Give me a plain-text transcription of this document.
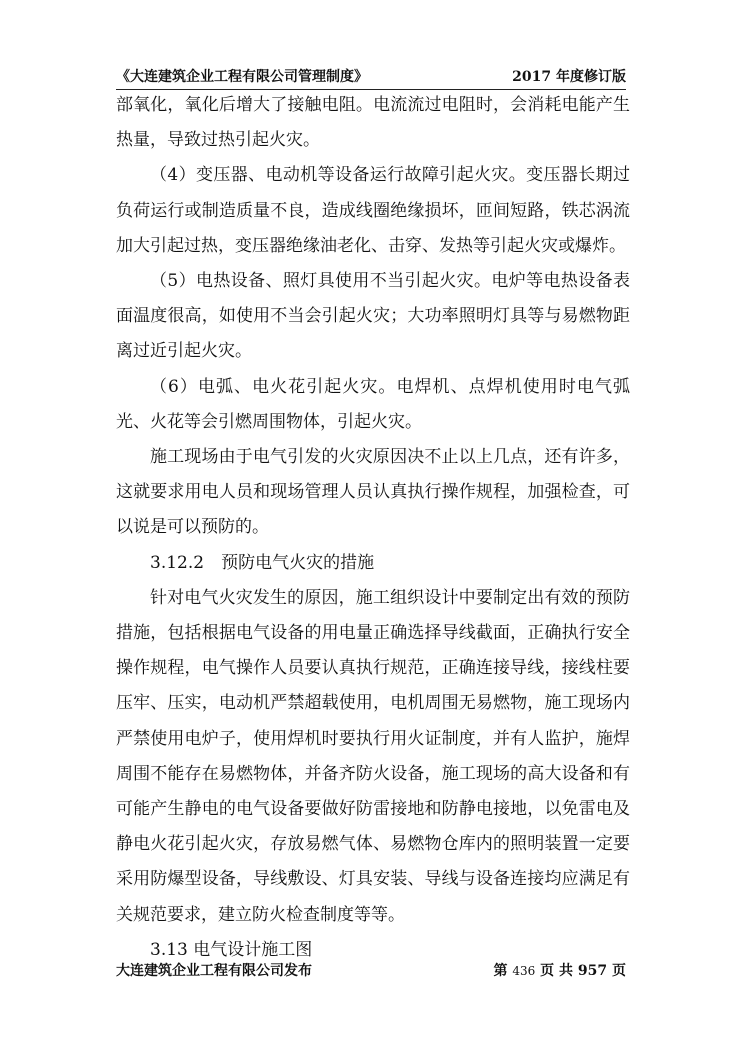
《大连建筑企业工程有限公司管理制度》	2017 年度修订版

部氧化，氧化后增大了接触电阻。电流流过电阻时，会消耗电能产生热量，导致过热引起火灾。

（4）变压器、电动机等设备运行故障引起火灾。变压器长期过负荷运行或制造质量不良，造成线圈绝缘损坏，匝间短路，铁芯涡流加大引起过热，变压器绝缘油老化、击穿、发热等引起火灾或爆炸。

（5）电热设备、照灯具使用不当引起火灾。电炉等电热设备表面温度很高，如使用不当会引起火灾；大功率照明灯具等与易燃物距离过近引起火灾。

（6）电弧、电火花引起火灾。电焊机、点焊机使用时电气弧光、火花等会引燃周围物体，引起火灾。

施工现场由于电气引发的火灾原因决不止以上几点，还有许多，这就要求用电人员和现场管理人员认真执行操作规程，加强检查，可以说是可以预防的。

3.12.2　预防电气火灾的措施

针对电气火灾发生的原因，施工组织设计中要制定出有效的预防措施，包括根据电气设备的用电量正确选择导线截面，正确执行安全操作规程，电气操作人员要认真执行规范，正确连接导线，接线柱要压牢、压实，电动机严禁超载使用，电机周围无易燃物，施工现场内严禁使用电炉子，使用焊机时要执行用火证制度，并有人监护，施焊周围不能存在易燃物体，并备齐防火设备，施工现场的高大设备和有可能产生静电的电气设备要做好防雷接地和防静电接地，以免雷电及静电火花引起火灾，存放易燃气体、易燃物仓库内的照明装置一定要采用防爆型设备，导线敷设、灯具安装、导线与设备连接均应满足有关规范要求，建立防火检查制度等等。

3.13 电气设计施工图

大连建筑企业工程有限公司发布	第 436 页 共 957 页
